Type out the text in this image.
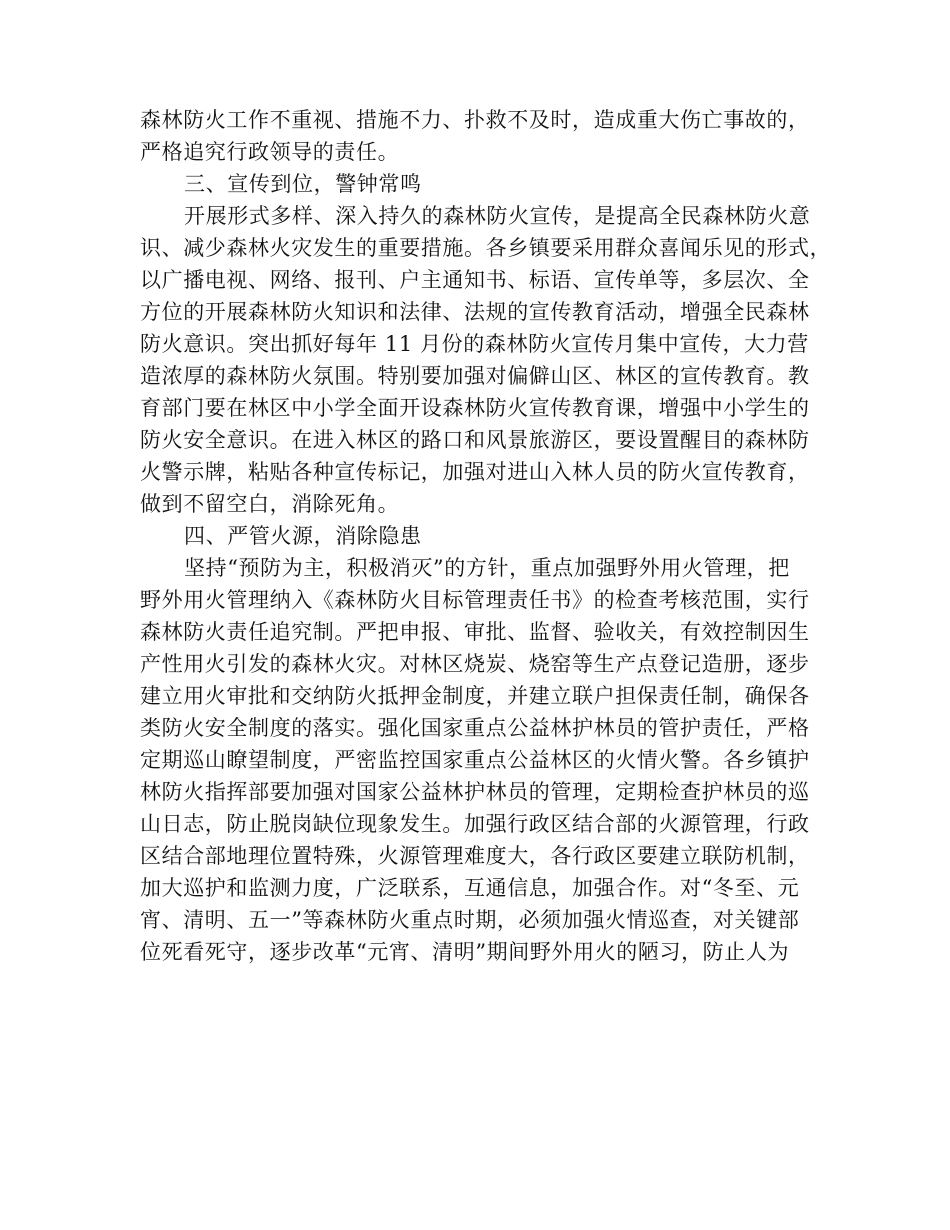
森林防火工作不重视、措施不力、扑救不及时，造成重大伤亡事故的，
严格追究行政领导的责任。
三、宣传到位，警钟常鸣
开展形式多样、深入持久的森林防火宣传，是提高全民森林防火意
识、减少森林火灾发生的重要措施。各乡镇要采用群众喜闻乐见的形式，
以广播电视、网络、报刊、户主通知书、标语、宣传单等，多层次、全
方位的开展森林防火知识和法律、法规的宣传教育活动，增强全民森林
防火意识。突出抓好每年 11 月份的森林防火宣传月集中宣传，大力营
造浓厚的森林防火氛围。特别要加强对偏僻山区、林区的宣传教育。教
育部门要在林区中小学全面开设森林防火宣传教育课，增强中小学生的
防火安全意识。在进入林区的路口和风景旅游区，要设置醒目的森林防
火警示牌，粘贴各种宣传标记，加强对进山入林人员的防火宣传教育，
做到不留空白，消除死角。
四、严管火源，消除隐患
坚持“预防为主，积极消灭”的方针，重点加强野外用火管理，把
野外用火管理纳入《森林防火目标管理责任书》的检查考核范围，实行
森林防火责任追究制。严把申报、审批、监督、验收关，有效控制因生
产性用火引发的森林火灾。对林区烧炭、烧窑等生产点登记造册，逐步
建立用火审批和交纳防火抵押金制度，并建立联户担保责任制，确保各
类防火安全制度的落实。强化国家重点公益林护林员的管护责任，严格
定期巡山瞭望制度，严密监控国家重点公益林区的火情火警。各乡镇护
林防火指挥部要加强对国家公益林护林员的管理，定期检查护林员的巡
山日志，防止脱岗缺位现象发生。加强行政区结合部的火源管理，行政
区结合部地理位置特殊，火源管理难度大，各行政区要建立联防机制，
加大巡护和监测力度，广泛联系，互通信息，加强合作。对“冬至、元
宵、清明、五一”等森林防火重点时期，必须加强火情巡查，对关键部
位死看死守，逐步改革“元宵、清明”期间野外用火的陋习，防止人为
